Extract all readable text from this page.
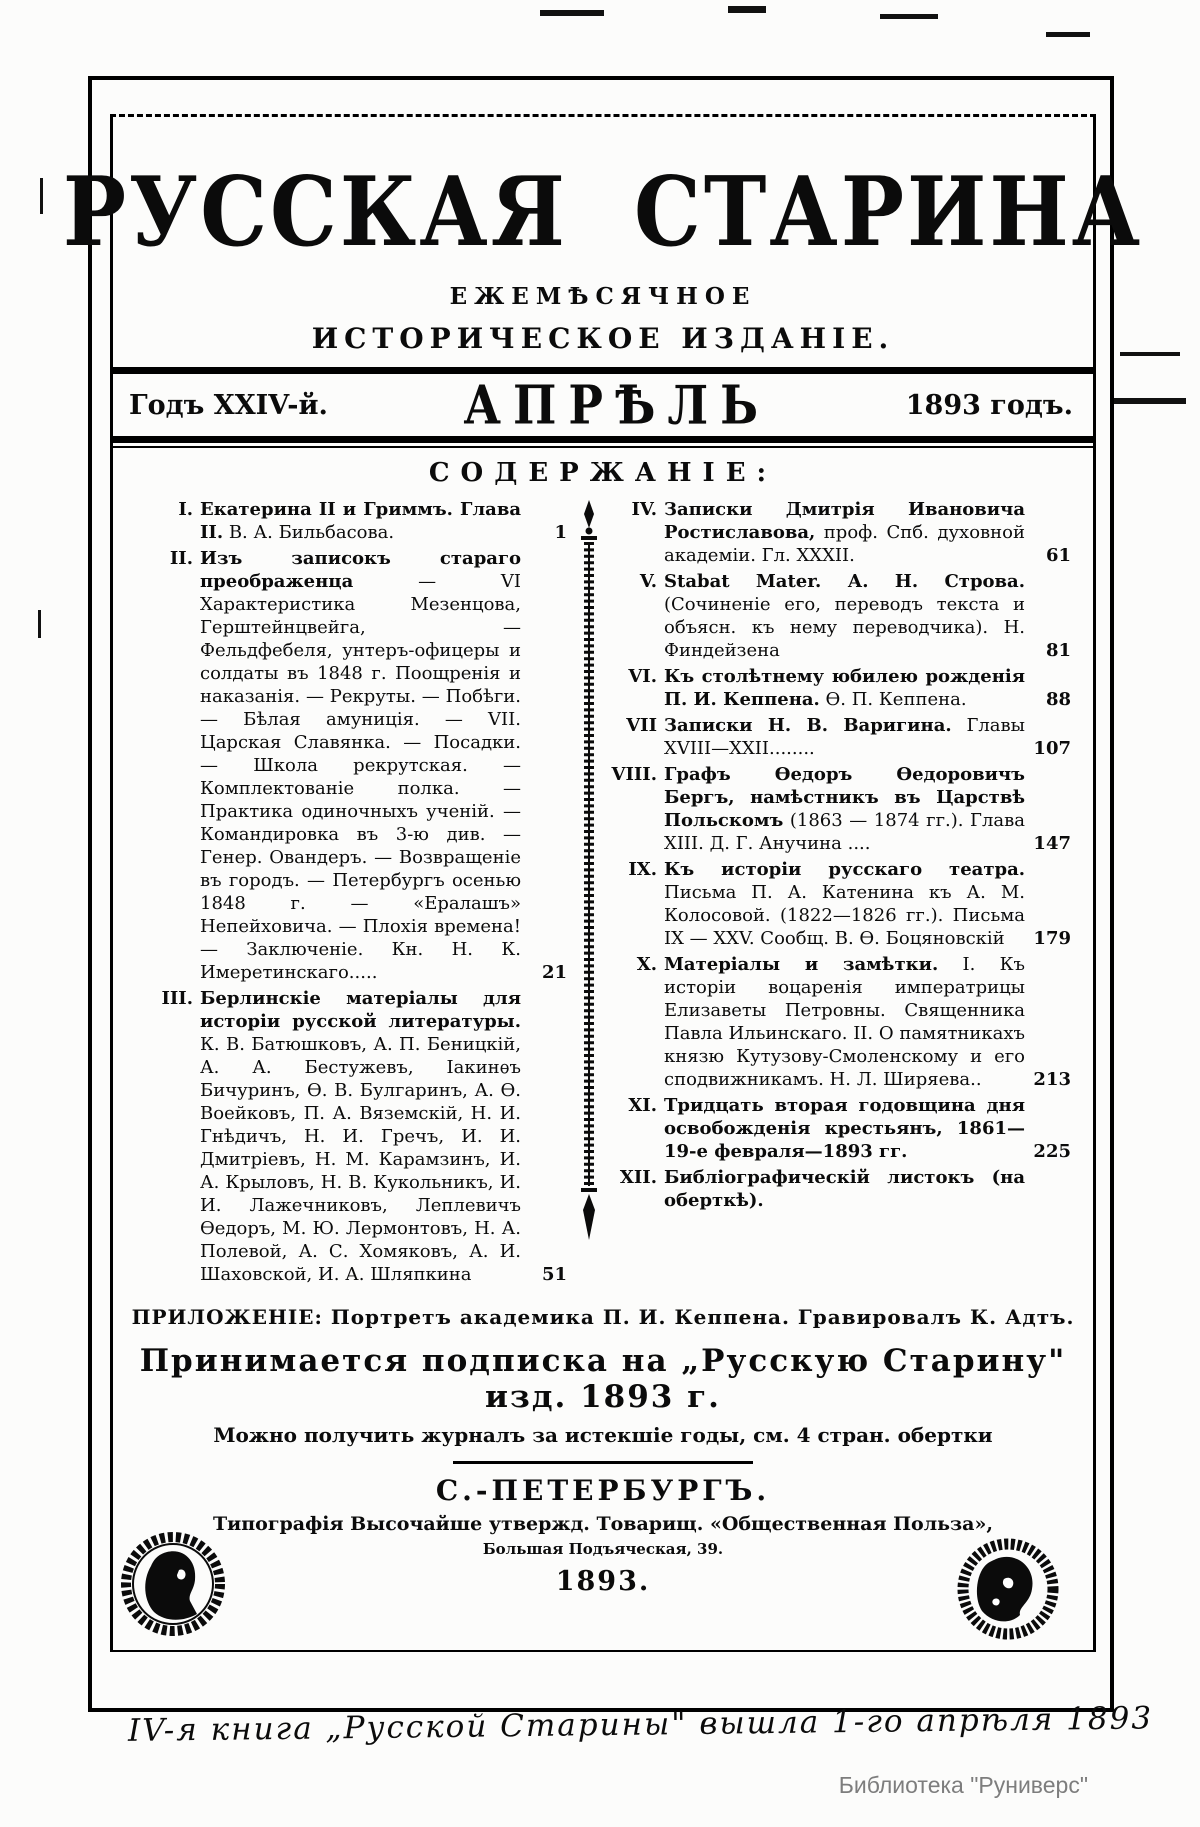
РУССКАЯ СТАРИНА
ЕЖЕМѢСЯЧНОЕ
ИСТОРИЧЕСКОЕ ИЗДАНІЕ.
Годъ XXIV-й.	АПРѢЛЬ	1893 годъ.
СОДЕРЖАНІЕ:
I. Екатерина II и Гриммъ. Глава II. В. А. Бильбасова.	1
II. Изъ записокъ стараго преображенца — VI Характеристика Мезенцова, Герштейнцвейга, — Фельдфебеля, унтеръ-офицеры и солдаты въ 1848 г. Поощренія и наказанія. — Рекруты. — Побѣги. — Бѣлая амуниція. — VII. Царская Славянка. — Посадки. — Школа рекрутская. — Комплектованіе полка. — Практика одиночныхъ ученій. — Командировка въ 3-ю див. — Генер. Овандеръ. — Возвращеніе въ городъ. — Петербургъ осенью 1848 г. — «Ералашъ» Непейховича. — Плохія времена! — Заключеніе. Кн. Н. К. Имеретинскаго.....	21
III. Берлинскіе матеріалы для исторіи русской литературы. К. В. Батюшковъ, А. П. Беницкій, А. А. Бестужевъ, Іакинѳъ Бичуринъ, Ѳ. В. Булгаринъ, А. Ѳ. Воейковъ, П. А. Вяземскій, Н. И. Гнѣдичъ, Н. И. Гречъ, И. И. Дмитріевъ, Н. М. Карамзинъ, И. А. Крыловъ, Н. В. Кукольникъ, И. И. Лажечниковъ, Леплевичъ Ѳедоръ, М. Ю. Лермонтовъ, Н. А. Полевой, А. С. Хомяковъ, А. И. Шаховской, И. А. Шляпкина	51
IV. Записки Дмитрія Ивановича Ростиславова, проф. Спб. духовной академіи. Гл. XXXII.	61
V. Stabat Mater. А. Н. Строва. (Сочиненіе его, переводъ текста и объясн. къ нему переводчика). Н. Финдейзена	81
VI. Къ столѣтнему юбилею рожденія П. И. Кеппена. Ѳ. П. Кеппена.	88
VII Записки Н. В. Варигина. Главы XVIII—XXII........	107
VIII. Графъ Ѳедоръ Ѳедоровичъ Бергъ, намѣстникъ въ Царствѣ Польскомъ (1863 — 1874 гг.). Глава XIII. Д. Г. Анучина ....	147
IX. Къ исторіи русскаго театра. Письма П. А. Катенина къ А. М. Колосовой. (1822—1826 гг.). Письма IX — XXV. Сообщ. В. Ѳ. Боцяновскій	179
X. Матеріалы и замѣтки. I. Къ исторіи воцаренія императрицы Елизаветы Петровны. Священника Павла Ильинскаго. II. О памятникахъ князю Кутузову-Смоленскому и его сподвижникамъ. Н. Л. Ширяева..	213
XI. Тридцать вторая годовщина дня освобожденія крестьянъ, 1861—19-е февраля—1893 гг.	225
XII. Библіографическій листокъ (на оберткѣ).
ПРИЛОЖЕНІЕ: Портретъ академика П. И. Кеппена. Гравировалъ К. Адтъ.
Принимается подписка на „Русскую Старину" изд. 1893 г.
Можно получить журналъ за истекшіе годы, см. 4 стран. обертки
С.-ПЕТЕРБУРГЪ.
Типографія Высочайше утвержд. Товарищ. «Общественная Польза»,
Большая Подъяческая, 39.
1893.
IV-я книга „Русской Старины" вышла 1-го апрѣля 1893
Библиотека "Руниверс"
